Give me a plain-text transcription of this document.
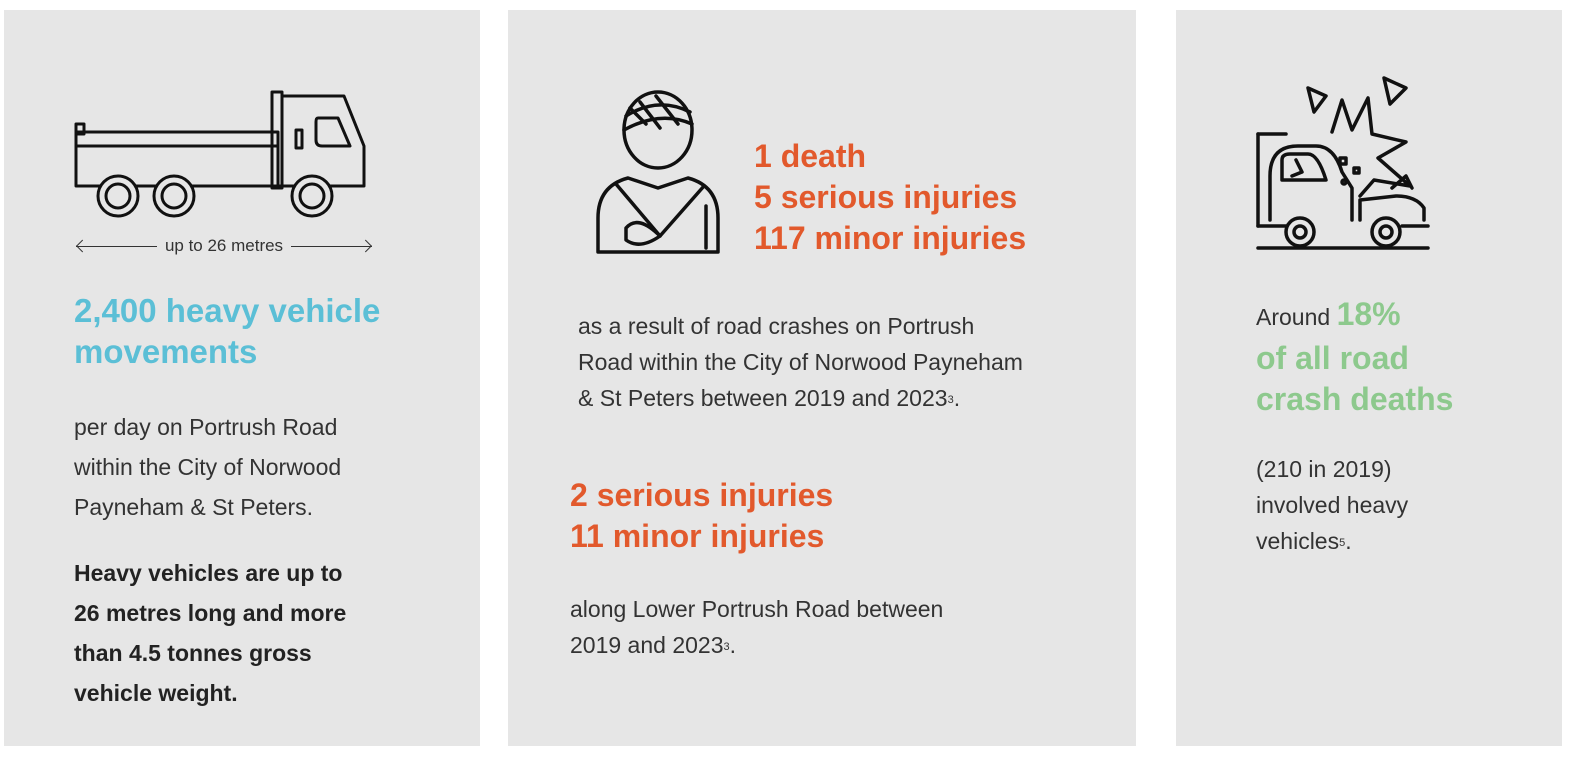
up to 26 metres
2,400 heavy vehicle
movements
per day on Portrush Road
within the City of Norwood
Payneham & St Peters.
Heavy vehicles are up to
26 metres long and more
than 4.5 tonnes gross
vehicle weight.
1 death
5 serious injuries
117 minor injuries
as a result of road crashes on Portrush
Road within the City of Norwood Payneham
& St Peters between 2019 and 2023$^3$.
2 serious injuries
11 minor injuries
along Lower Portrush Road between
2019 and 2023$^3$.
Around 18%
of all road
crash deaths
(210 in 2019)
involved heavy
vehicles$^5$.
